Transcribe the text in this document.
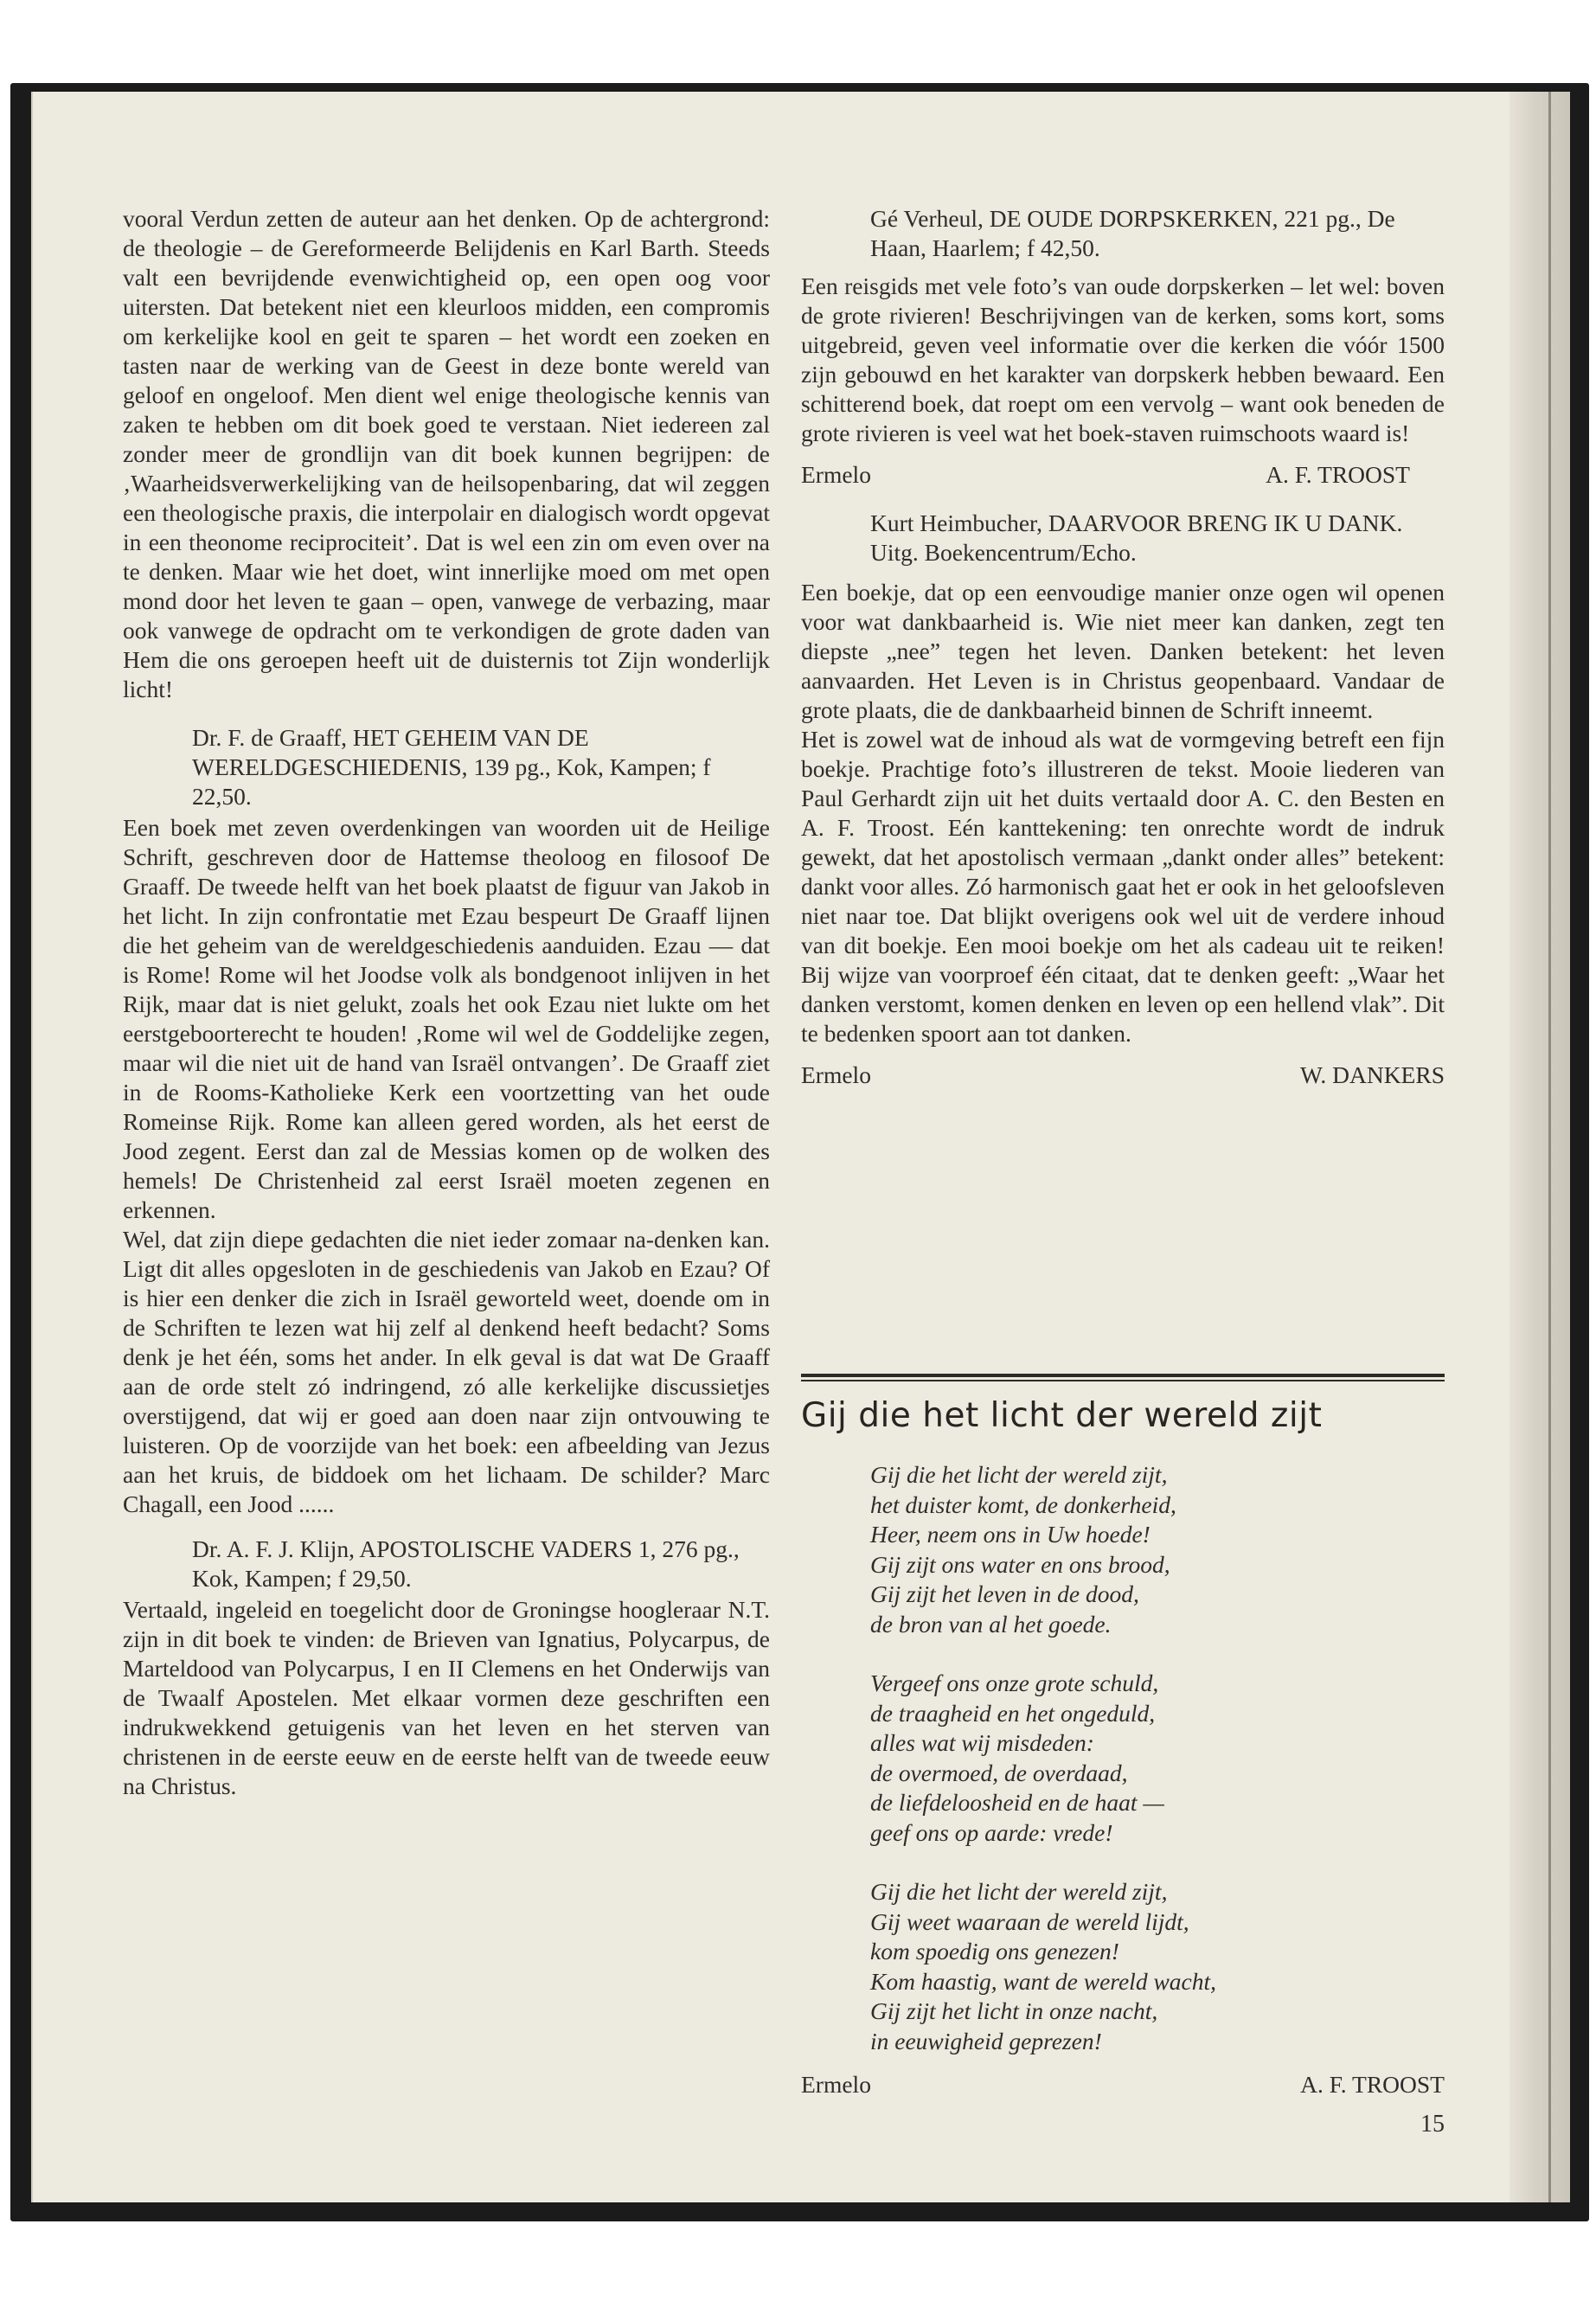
vooral Verdun zetten de auteur aan het denken. Op de achtergrond: de theologie – de Gereformeerde Belijdenis en Karl Barth. Steeds valt een bevrijdende evenwichtigheid op, een open oog voor uitersten. Dat betekent niet een kleurloos midden, een compromis om kerkelijke kool en geit te sparen – het wordt een zoeken en tasten naar de werking van de Geest in deze bonte wereld van geloof en ongeloof. Men dient wel enige theologische kennis van zaken te hebben om dit boek goed te verstaan. Niet iedereen zal zonder meer de grondlijn van dit boek kunnen begrijpen: de ‚Waarheidsverwerkelijking van de heilsopenbaring, dat wil zeggen een theologische praxis, die interpolair en dialogisch wordt opgevat in een theonome reciprociteit’. Dat is wel een zin om even over na te denken. Maar wie het doet, wint innerlijke moed om met open mond door het leven te gaan – open, vanwege de verbazing, maar ook vanwege de opdracht om te verkondigen de grote daden van Hem die ons geroepen heeft uit de duisternis tot Zijn wonderlijk licht!

Dr. F. de Graaff, HET GEHEIM VAN DE WERELDGESCHIEDENIS, 139 pg., Kok, Kampen; f 22,50.

Een boek met zeven overdenkingen van woorden uit de Heilige Schrift, geschreven door de Hattemse theoloog en filosoof De Graaff. De tweede helft van het boek plaatst de figuur van Jakob in het licht. In zijn confrontatie met Ezau bespeurt De Graaff lijnen die het geheim van de wereldgeschiedenis aanduiden. Ezau — dat is Rome! Rome wil het Joodse volk als bondgenoot inlijven in het Rijk, maar dat is niet gelukt, zoals het ook Ezau niet lukte om het eerstgeboorterecht te houden! ‚Rome wil wel de Goddelijke zegen, maar wil die niet uit de hand van Israël ontvangen’. De Graaff ziet in de Rooms-Katholieke Kerk een voortzetting van het oude Romeinse Rijk. Rome kan alleen gered worden, als het eerst de Jood zegent. Eerst dan zal de Messias komen op de wolken des hemels! De Christenheid zal eerst Israël moeten zegenen en erkennen.

Wel, dat zijn diepe gedachten die niet ieder zomaar na-denken kan. Ligt dit alles opgesloten in de geschiedenis van Jakob en Ezau? Of is hier een denker die zich in Israël geworteld weet, doende om in de Schriften te lezen wat hij zelf al denkend heeft bedacht? Soms denk je het één, soms het ander. In elk geval is dat wat De Graaff aan de orde stelt zó indringend, zó alle kerkelijke discussietjes overstijgend, dat wij er goed aan doen naar zijn ontvouwing te luisteren. Op de voorzijde van het boek: een afbeelding van Jezus aan het kruis, de biddoek om het lichaam. De schilder? Marc Chagall, een Jood ......

Dr. A. F. J. Klijn, APOSTOLISCHE VADERS 1, 276 pg., Kok, Kampen; f 29,50.

Vertaald, ingeleid en toegelicht door de Groningse hoogleraar N.T. zijn in dit boek te vinden: de Brieven van Ignatius, Polycarpus, de Marteldood van Polycarpus, I en II Clemens en het Onderwijs van de Twaalf Apostelen. Met elkaar vormen deze geschriften een indrukwekkend getuigenis van het leven en het sterven van christenen in de eerste eeuw en de eerste helft van de tweede eeuw na Christus.

Gé Verheul, DE OUDE DORPSKERKEN, 221 pg., De Haan, Haarlem; f 42,50.

Een reisgids met vele foto’s van oude dorpskerken – let wel: boven de grote rivieren! Beschrijvingen van de kerken, soms kort, soms uitgebreid, geven veel informatie over die kerken die vóór 1500 zijn gebouwd en het karakter van dorpskerk hebben bewaard. Een schitterend boek, dat roept om een vervolg – want ook beneden de grote rivieren is veel wat het boek-staven ruimschoots waard is!

Ermelo	A. F. TROOST

Kurt Heimbucher, DAARVOOR BRENG IK U DANK. Uitg. Boekencentrum/Echo.

Een boekje, dat op een eenvoudige manier onze ogen wil openen voor wat dankbaarheid is. Wie niet meer kan danken, zegt ten diepste „nee” tegen het leven. Danken betekent: het leven aanvaarden. Het Leven is in Christus geopenbaard. Vandaar de grote plaats, die de dankbaarheid binnen de Schrift inneemt.

Het is zowel wat de inhoud als wat de vormgeving betreft een fijn boekje. Prachtige foto’s illustreren de tekst. Mooie liederen van Paul Gerhardt zijn uit het duits vertaald door A. C. den Besten en A. F. Troost. Eén kanttekening: ten onrechte wordt de indruk gewekt, dat het apostolisch vermaan „dankt onder alles” betekent: dankt voor alles. Zó harmonisch gaat het er ook in het geloofsleven niet naar toe. Dat blijkt overigens ook wel uit de verdere inhoud van dit boekje. Een mooi boekje om het als cadeau uit te reiken! Bij wijze van voorproef één citaat, dat te denken geeft: „Waar het danken verstomt, komen denken en leven op een hellend vlak”. Dit te bedenken spoort aan tot danken.

Ermelo	W. DANKERS
Gij die het licht der wereld zijt
Gij die het licht der wereld zijt,
het duister komt, de donkerheid,
Heer, neem ons in Uw hoede!
Gij zijt ons water en ons brood,
Gij zijt het leven in de dood,
de bron van al het goede.
Vergeef ons onze grote schuld,
de traagheid en het ongeduld,
alles wat wij misdeden:
de overmoed, de overdaad,
de liefdeloosheid en de haat —
geef ons op aarde: vrede!
Gij die het licht der wereld zijt,
Gij weet waaraan de wereld lijdt,
kom spoedig ons genezen!
Kom haastig, want de wereld wacht,
Gij zijt het licht in onze nacht,
in eeuwigheid geprezen!
Ermelo	A. F. TROOST
15
